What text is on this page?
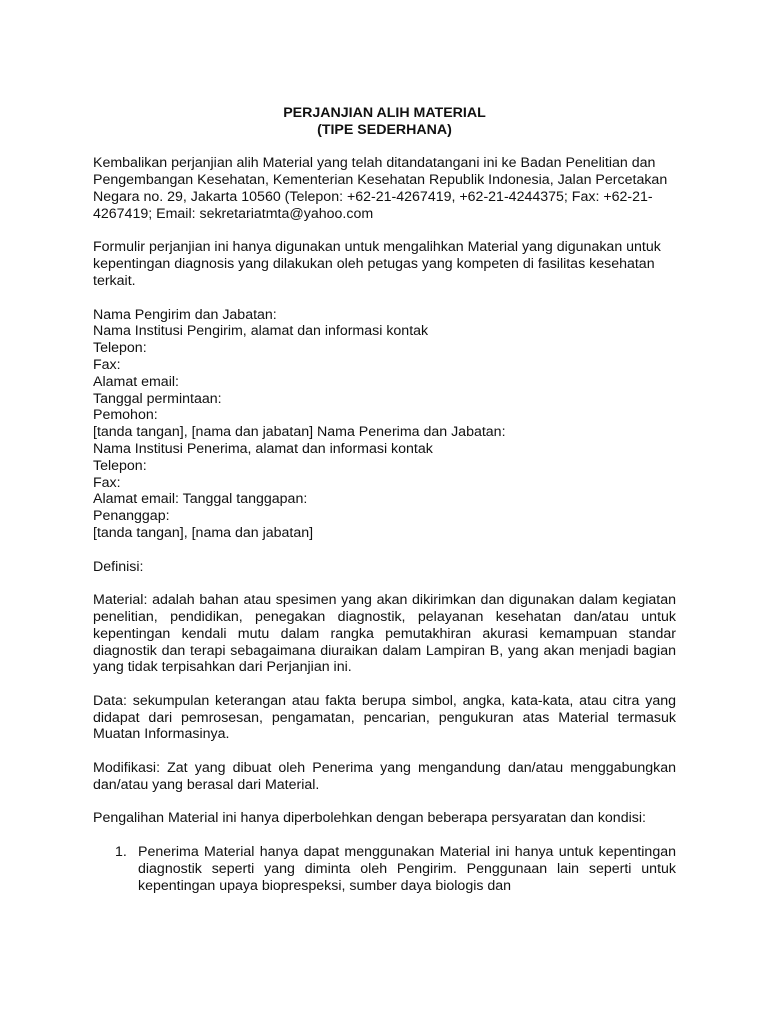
PERJANJIAN ALIH MATERIAL
(TIPE SEDERHANA)

Kembalikan perjanjian alih Material yang telah ditandatangani ini ke Badan Penelitian dan Pengembangan Kesehatan, Kementerian Kesehatan Republik Indonesia, Jalan Percetakan Negara no. 29, Jakarta 10560 (Telepon: +62-21-4267419, +62-21-4244375; Fax: +62-21-4267419; Email: sekretariatmta@yahoo.com

Formulir perjanjian ini hanya digunakan untuk mengalihkan Material yang digunakan untuk kepentingan diagnosis yang dilakukan oleh petugas yang kompeten di fasilitas kesehatan terkait.

Nama Pengirim dan Jabatan:
Nama Institusi Pengirim, alamat dan informasi kontak
Telepon:
Fax:
Alamat email:
Tanggal permintaan:
Pemohon:
[tanda tangan], [nama dan jabatan] Nama Penerima dan Jabatan:
Nama Institusi Penerima, alamat dan informasi kontak
Telepon:
Fax:
Alamat email: Tanggal tanggapan:
Penanggap:
[tanda tangan], [nama dan jabatan]

Definisi:

Material: adalah bahan atau spesimen yang akan dikirimkan dan digunakan dalam kegiatan penelitian, pendidikan, penegakan diagnostik, pelayanan kesehatan dan/atau untuk kepentingan kendali mutu dalam rangka pemutakhiran akurasi kemampuan standar diagnostik dan terapi sebagaimana diuraikan dalam Lampiran B, yang akan menjadi bagian yang tidak terpisahkan dari Perjanjian ini.

Data: sekumpulan keterangan atau fakta berupa simbol, angka, kata-kata, atau citra yang didapat dari pemrosesan, pengamatan, pencarian, pengukuran atas Material termasuk Muatan Informasinya.

Modifikasi: Zat yang dibuat oleh Penerima yang mengandung dan/atau menggabungkan dan/atau yang berasal dari Material.

Pengalihan Material ini hanya diperbolehkan dengan beberapa persyaratan dan kondisi:

1. Penerima Material hanya dapat menggunakan Material ini hanya untuk kepentingan diagnostik seperti yang diminta oleh Pengirim. Penggunaan lain seperti untuk kepentingan upaya bioprespeksi, sumber daya biologis dan
